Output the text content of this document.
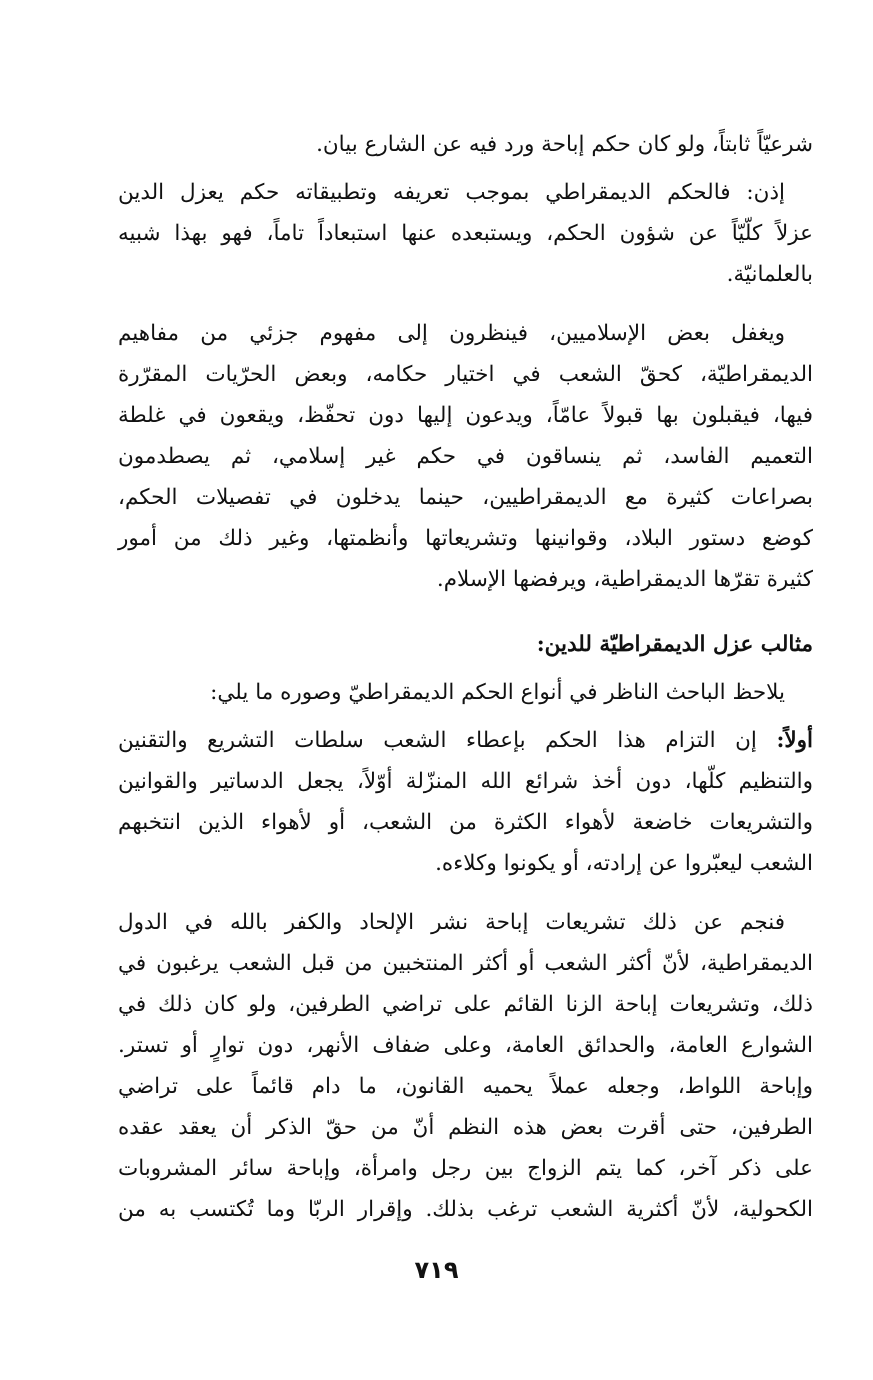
شرعيّاً ثابتاً، ولو كان حكم إباحة ورد فيه عن الشارع بيان.
إذن: فالحكم الديمقراطي بموجب تعريفه وتطبيقاته حكم يعزل الدين
عزلاً كلّيّاً عن شؤون الحكم، ويستبعده عنها استبعاداً تاماً، فهو بهذا شبيه
بالعلمانيّة.
ويغفل بعض الإسلاميين، فينظرون إلى مفهوم جزئي من مفاهيم
الديمقراطيّة، كحقّ الشعب في اختيار حكامه، وبعض الحرّيات المقرّرة
فيها، فيقبلون بها قبولاً عامّاً، ويدعون إليها دون تحفّظ، ويقعون في غلطة
التعميم الفاسد، ثم ينساقون في حكم غير إسلامي، ثم يصطدمون
بصراعات كثيرة مع الديمقراطيين، حينما يدخلون في تفصيلات الحكم،
كوضع دستور البلاد، وقوانينها وتشريعاتها وأنظمتها، وغير ذلك من أمور
كثيرة تقرّها الديمقراطية، ويرفضها الإسلام.
مثالب عزل الديمقراطيّة للدين:
يلاحظ الباحث الناظر في أنواع الحكم الديمقراطيّ وصوره ما يلي:
أولاً: إن التزام هذا الحكم بإعطاء الشعب سلطات التشريع والتقنين
والتنظيم كلّها، دون أخذ شرائع الله المنزّلة أوّلاً، يجعل الدساتير والقوانين
والتشريعات خاضعة لأهواء الكثرة من الشعب، أو لأهواء الذين انتخبهم
الشعب ليعبّروا عن إرادته، أو يكونوا وكلاءه.
فنجم عن ذلك تشريعات إباحة نشر الإلحاد والكفر بالله في الدول
الديمقراطية، لأنّ أكثر الشعب أو أكثر المنتخبين من قبل الشعب يرغبون في
ذلك، وتشريعات إباحة الزنا القائم على تراضي الطرفين، ولو كان ذلك في
الشوارع العامة، والحدائق العامة، وعلى ضفاف الأنهر، دون توارٍ أو تستر.
وإباحة اللواط، وجعله عملاً يحميه القانون، ما دام قائماً على تراضي
الطرفين، حتى أقرت بعض هذه النظم أنّ من حقّ الذكر أن يعقد عقده
على ذكر آخر، كما يتم الزواج بين رجل وامرأة، وإباحة سائر المشروبات
الكحولية، لأنّ أكثرية الشعب ترغب بذلك. وإقرار الربّا وما تُكتسب به من
٧١٩
